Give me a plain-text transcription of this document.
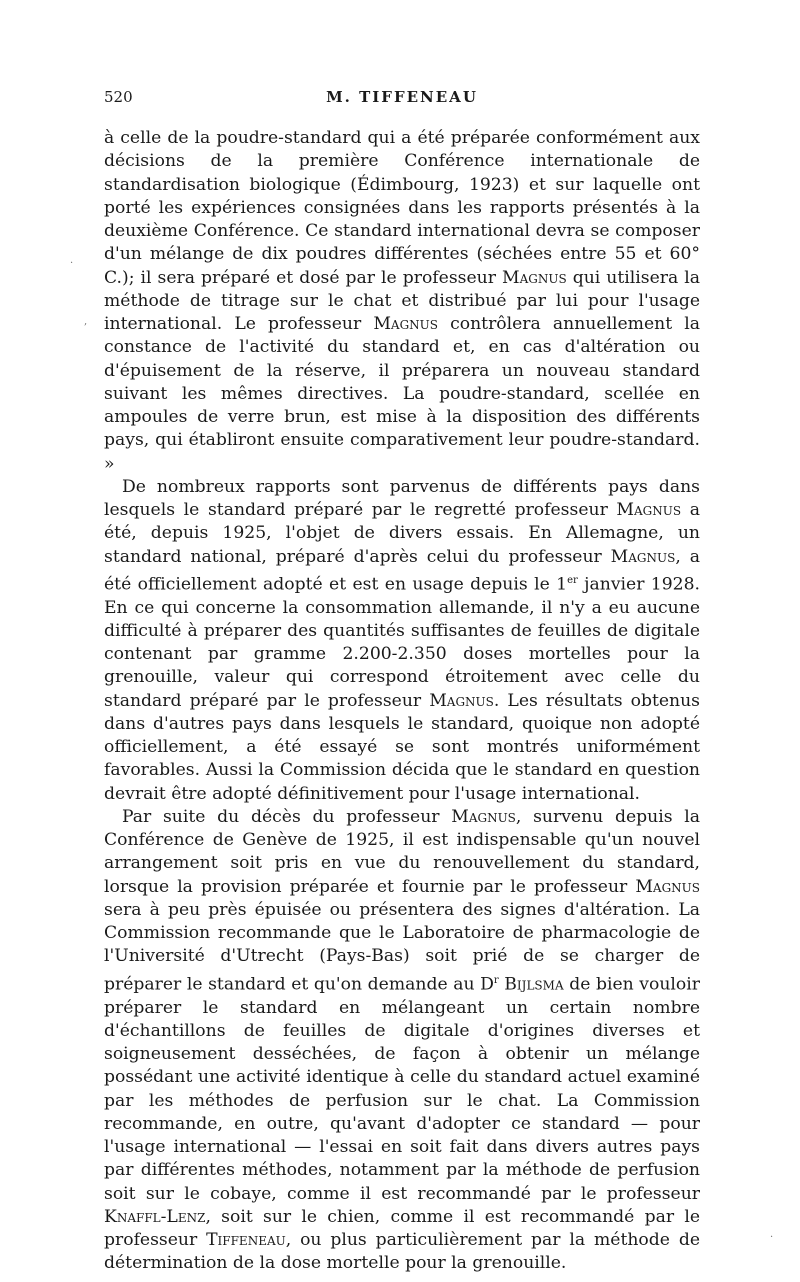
520	M. TIFFENEAU

à celle de la poudre-standard qui a été préparée conformément aux décisions de la première Conférence internationale de standardisation biologique (Édimbourg, 1923) et sur laquelle ont porté les expériences consignées dans les rapports présentés à la deuxième Conférence. Ce standard international devra se composer d'un mélange de dix poudres différentes (séchées entre 55 et 60° C.); il sera préparé et dosé par le professeur Magnus qui utilisera la méthode de titrage sur le chat et distribué par lui pour l'usage international. Le professeur Magnus contrôlera annuellement la constance de l'activité du standard et, en cas d'altération ou d'épuisement de la réserve, il préparera un nouveau standard suivant les mêmes directives. La poudre-standard, scellée en ampoules de verre brun, est mise à la disposition des différents pays, qui établiront ensuite comparativement leur poudre-standard. »

De nombreux rapports sont parvenus de différents pays dans lesquels le standard préparé par le regretté professeur Magnus a été, depuis 1925, l'objet de divers essais. En Allemagne, un standard national, préparé d'après celui du professeur Magnus, a été officiellement adopté et est en usage depuis le 1er janvier 1928. En ce qui concerne la consommation allemande, il n'y a eu aucune difficulté à préparer des quantités suffisantes de feuilles de digitale contenant par gramme 2.200-2.350 doses mortelles pour la grenouille, valeur qui correspond étroitement avec celle du standard préparé par le professeur Magnus. Les résultats obtenus dans d'autres pays dans lesquels le standard, quoique non adopté officiellement, a été essayé se sont montrés uniformément favorables. Aussi la Commission décida que le standard en question devrait être adopté définitivement pour l'usage international.

Par suite du décès du professeur Magnus, survenu depuis la Conférence de Genève de 1925, il est indispensable qu'un nouvel arrangement soit pris en vue du renouvellement du standard, lorsque la provision préparée et fournie par le professeur Magnus sera à peu près épuisée ou présentera des signes d'altération. La Commission recommande que le Laboratoire de pharmacologie de l'Université d'Utrecht (Pays-Bas) soit prié de se charger de préparer le standard et qu'on demande au $D^r$ Bijlsma de bien vouloir préparer le standard en mélangeant un certain nombre d'échantillons de feuilles de digitale d'origines diverses et soigneusement desséchées, de façon à obtenir un mélange possédant une activité identique à celle du standard actuel examiné par les méthodes de perfusion sur le chat. La Commission recommande, en outre, qu'avant d'adopter ce standard — pour l'usage international — l'essai en soit fait dans divers autres pays par différentes méthodes, notamment par la méthode de perfusion soit sur le cobaye, comme il est recommandé par le professeur Knaffl-Lenz, soit sur le chien, comme il est recommandé par le professeur Tiffeneau, ou plus particulièrement par la méthode de détermination de la dose mortelle pour la grenouille.

·
,
·
